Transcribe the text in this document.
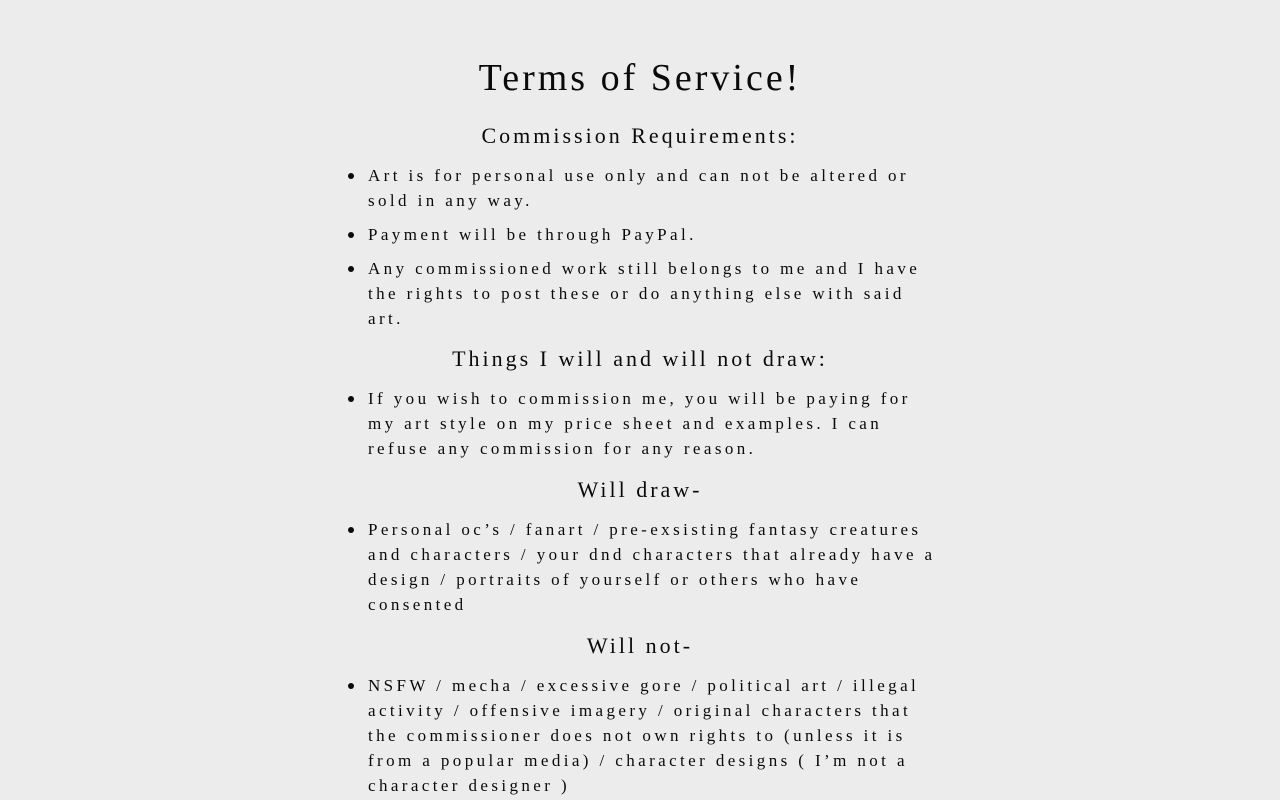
Terms of Service!
Commission Requirements:
Art is for personal use only and can not be altered or sold in any way.
Payment will be through PayPal.
Any commissioned work still belongs to me and I have the rights to post these or do anything else with said art.
Things I will and will not draw:
If you wish to commission me, you will be paying for my art style on my price sheet and examples. I can refuse any commission for any reason.
Will draw-
Personal oc’s / fanart / pre-exsisting fantasy creatures and characters / your dnd characters that already have a design / portraits of yourself or others who have consented
Will not-
NSFW / mecha / excessive gore / political art / illegal activity / offensive imagery / original characters that the commissioner does not own rights to (unless it is from a popular media) / character designs ( I’m not a character designer )
